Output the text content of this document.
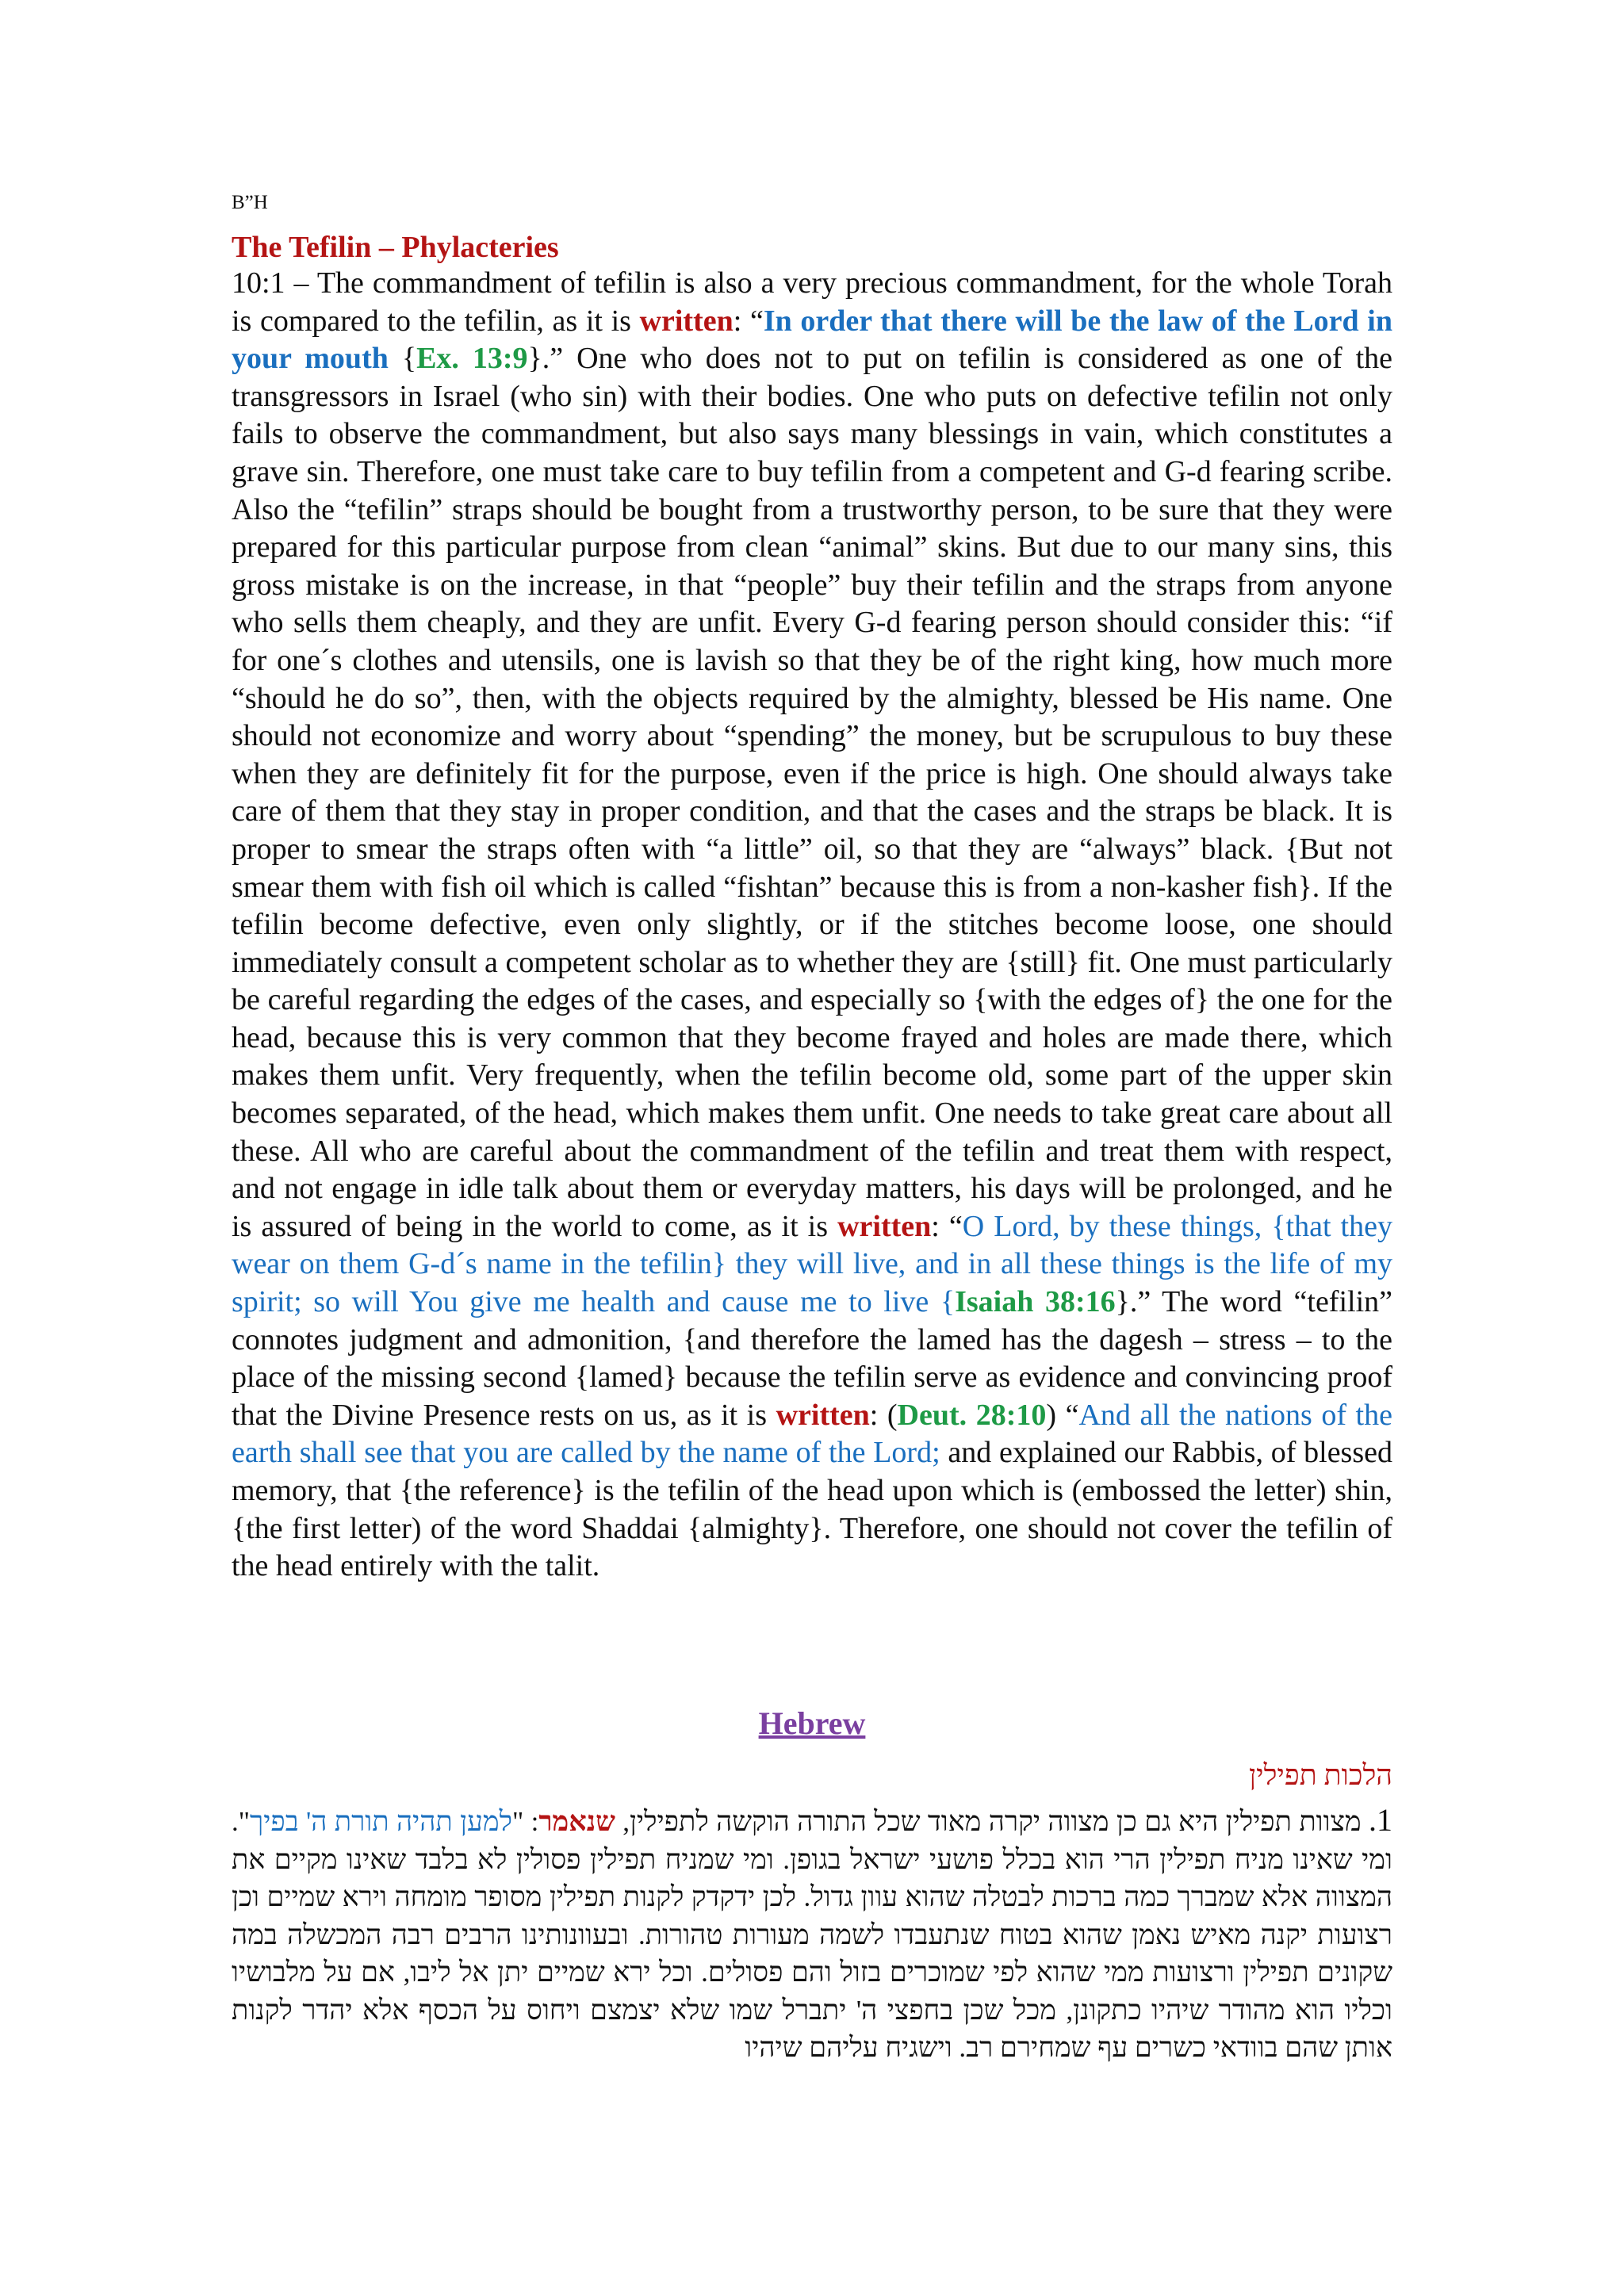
B”H
The Tefilin – Phylacteries

10:1 – The commandment of tefilin is also a very precious commandment, for the whole Torah is compared to the tefilin, as it is written: “In order that there will be the law of the Lord in your mouth {Ex. 13:9}.” One who does not to put on tefilin is considered as one of the transgressors in Israel (who sin) with their bodies. One who puts on defective tefilin not only fails to observe the commandment, but also says many blessings in vain, which constitutes a grave sin. Therefore, one must take care to buy tefilin from a competent and G-d fearing scribe. Also the “tefilin” straps should be bought from a trustworthy person, to be sure that they were prepared for this particular purpose from clean “animal” skins. But due to our many sins, this gross mistake is on the increase, in that “people” buy their tefilin and the straps from anyone who sells them cheaply, and they are unfit. Every G-d fearing person should consider this: “if for one´s clothes and utensils, one is lavish so that they be of the right king, how much more “should he do so”, then, with the objects required by the almighty, blessed be His name. One should not economize and worry about “spending” the money, but be scrupulous to buy these when they are definitely fit for the purpose, even if the price is high. One should always take care of them that they stay in proper condition, and that the cases and the straps be black. It is proper to smear the straps often with “a little” oil, so that they are “always” black. {But not smear them with fish oil which is called “fishtan” because this is from a non-kasher fish}. If the tefilin become defective, even only slightly, or if the stitches become loose, one should immediately consult a competent scholar as to whether they are {still} fit. One must particularly be careful regarding the edges of the cases, and especially so {with the edges of} the one for the head, because this is very common that they become frayed and holes are made there, which makes them unfit. Very frequently, when the tefilin become old, some part of the upper skin becomes separated, of the head, which makes them unfit. One needs to take great care about all these. All who are careful about the commandment of the tefilin and treat them with respect, and not engage in idle talk about them or everyday matters, his days will be prolonged, and he is assured of being in the world to come, as it is written: “O Lord, by these things, {that they wear on them G-d´s name in the tefilin} they will live, and in all these things is the life of my spirit; so will You give me health and cause me to live {Isaiah 38:16}.” The word “tefilin” connotes judgment and admonition, {and therefore the lamed has the dagesh – stress – to the place of the missing second {lamed} because the tefilin serve as evidence and convincing proof that the Divine Presence rests on us, as it is written: (Deut. 28:10) “And all the nations of the earth shall see that you are called by the name of the Lord; and explained our Rabbis, of blessed memory, that {the reference} is the tefilin of the head upon which is (embossed the letter) shin, {the first letter) of the word Shaddai {almighty}. Therefore, one should not cover the tefilin of the head entirely with the talit.

Hebrew
הלכות תפילין

1. מצוות תפילין היא גם כן מצווה יקרה מאוד שכל התורה הוקשה לתפילין, שנאמר: "למען תהיה תורת ה' בפיך". ומי שאינו מניח תפילין הרי הוא בכלל פושעי ישראל בגופן. ומי שמניח תפילין פסולין לא בלבד שאינו מקיים את המצווה אלא שמברך כמה ברכות לבטלה שהוא עוון גדול. לכן ידקדק לקנות תפילין מסופר מומחה וירא שמיים וכן רצועות יקנה מאיש נאמן שהוא בטוח שנתעבדו לשמה מעורות טהורות. ובעוונותינו הרבים רבה המכשלה במה שקונים תפילין ורצועות ממי שהוא לפי שמוכרים בזול והם פסולים. וכל ירא שמיים יתן אל ליבו, אם על מלבושיו וכליו הוא מהודר שיהיו כתקונן, מכל שכן בחפצי ה' יתברל שמו שלא יצמצם ויחוס על הכסף אלא יהדר לקנות אותן שהם בוודאי כשרים עף שמחירם רב. וישגיח עליהם שיהיו
